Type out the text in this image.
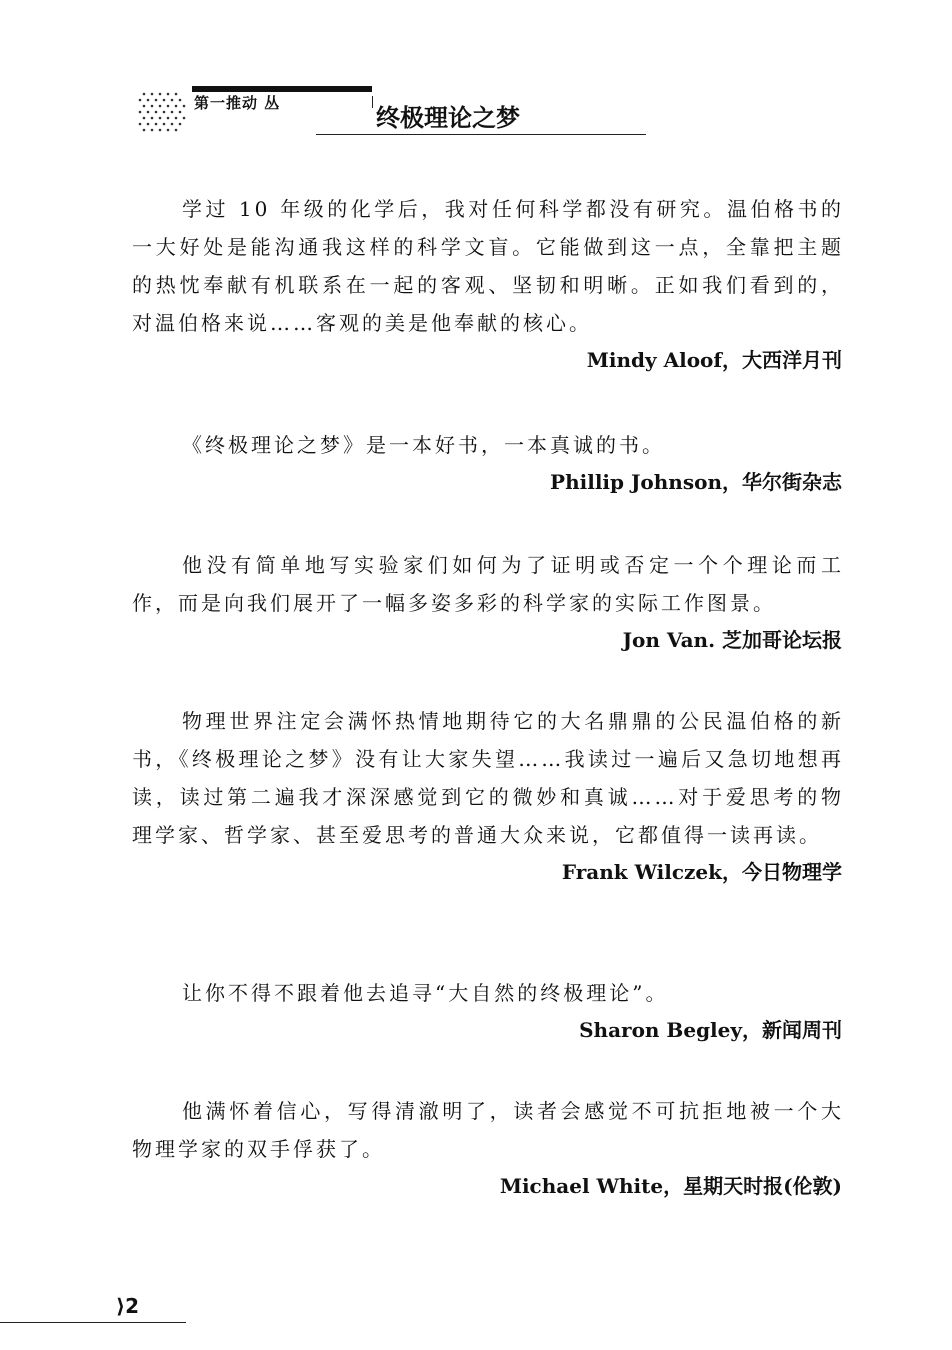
第一推动 丛
终极理论之梦

学过 10 年级的化学后，我对任何科学都没有研究。温伯格书的一大好处是能沟通我这样的科学文盲。它能做到这一点，全靠把主题的热忱奉献有机联系在一起的客观、坚韧和明晰。正如我们看到的，对温伯格来说……客观的美是他奉献的核心。

Mindy Aloof，大西洋月刊

《终极理论之梦》是一本好书，一本真诚的书。

Phillip Johnson，华尔街杂志

他没有简单地写实验家们如何为了证明或否定一个个理论而工作，而是向我们展开了一幅多姿多彩的科学家的实际工作图景。

Jon Van. 芝加哥论坛报

物理世界注定会满怀热情地期待它的大名鼎鼎的公民温伯格的新书，《终极理论之梦》没有让大家失望……我读过一遍后又急切地想再读，读过第二遍我才深深感觉到它的微妙和真诚……对于爱思考的物理学家、哲学家、甚至爱思考的普通大众来说，它都值得一读再读。

Frank Wilczek，今日物理学

让你不得不跟着他去追寻“大自然的终极理论”。

Sharon Begley，新闻周刊

他满怀着信心，写得清澈明了，读者会感觉不可抗拒地被一个大物理学家的双手俘获了。

Michael White，星期天时报(伦敦)

⟩2
